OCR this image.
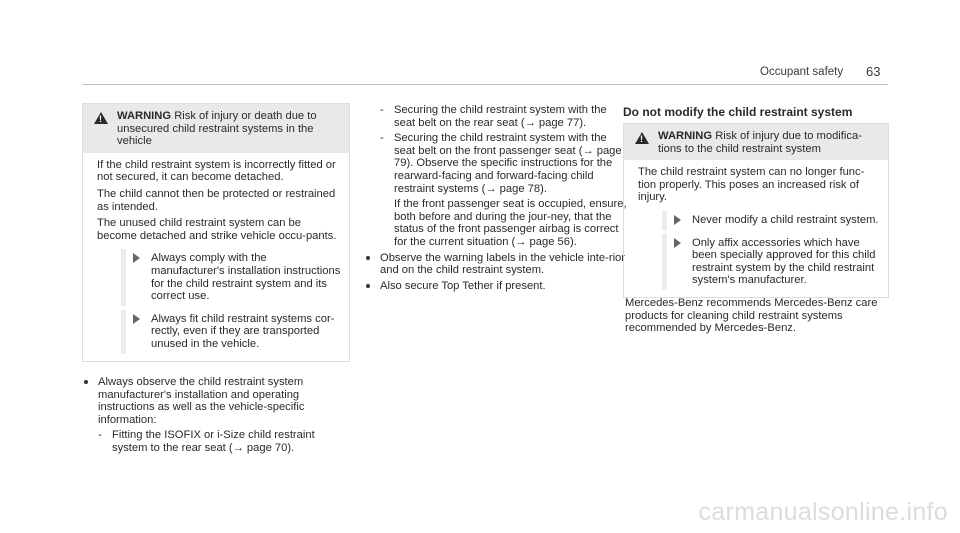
Occupant safety 63
!
WARNING Risk of injury or death due to unsecured child restraint systems in the vehicle

If the child restraint system is incorrectly fitted or not secured, it can become detached.

The child cannot then be protected or restrained as intended.

The unused child restraint system can be become detached and strike vehicle occu-pants.

Always comply with the manufacturer's installation instructions for the child restraint system and its correct use.
Always fit child restraint systems cor-rectly, even if they are transported unused in the vehicle.
Always observe the child restraint system manufacturer's installation and operating instructions as well as the vehicle-specific information:
- Fitting the ISOFIX or i-Size child restraint system to the rear seat (→ page 70).
- Securing the child restraint system with the seat belt on the rear seat (→ page 77).
- Securing the child restraint system with the seat belt on the front passenger seat (→ page 79). Observe the specific instructions for the rearward-facing and forward-facing child restraint systems (→ page 78).
If the front passenger seat is occupied, ensure, both before and during the jour-ney, that the status of the front passenger airbag is correct for the current situation (→ page 56).
Observe the warning labels in the vehicle inte-rior and on the child restraint system.
Also secure Top Tether if present.
Do not modify the child restraint system
!
WARNING Risk of injury due to modifica-tions to the child restraint system

The child restraint system can no longer func-tion properly. This poses an increased risk of injury.

Never modify a child restraint system.
Only affix accessories which have been specially approved for this child restraint system by the child restraint system's manufacturer.
Mercedes-Benz recommends Mercedes-Benz care products for cleaning child restraint systems recommended by Mercedes-Benz.
carmanualsonline.info
